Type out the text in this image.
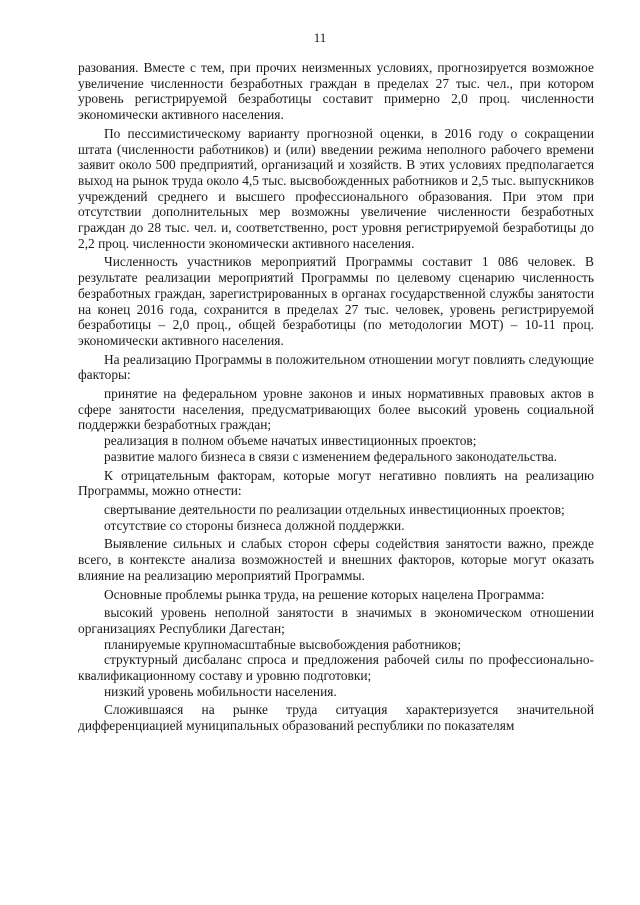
11

разования. Вместе с тем, при прочих неизменных условиях, прогнозируется возможное увеличение численности безработных граждан в пределах 27 тыс. чел., при котором уровень регистрируемой безработицы составит примерно 2,0 проц. численности экономически активного населения.

По пессимистическому варианту прогнозной оценки, в 2016 году о сокращении штата (численности работников) и (или) введении режима неполного рабочего времени заявит около 500 предприятий, организаций и хозяйств. В этих условиях предполагается выход на рынок труда около 4,5 тыс. высвобожденных работников и 2,5 тыс. выпускников учреждений среднего и высшего профессионального образования. При этом при отсутствии дополнительных мер возможны увеличение численности безработных граждан до 28 тыс. чел. и, соответственно, рост уровня регистрируемой безработицы до 2,2 проц. численности экономически активного населения.

Численность участников мероприятий Программы составит 1 086 человек. В результате реализации мероприятий Программы по целевому сценарию численность безработных граждан, зарегистрированных в органах государственной службы занятости на конец 2016 года, сохранится в пределах 27 тыс. человек, уровень регистрируемой безработицы – 2,0 проц., общей безработицы (по методологии МОТ) – 10-11 проц. экономически активного населения.

На реализацию Программы в положительном отношении могут повлиять следующие факторы:

принятие на федеральном уровне законов и иных нормативных правовых актов в сфере занятости населения, предусматривающих более высокий уровень социальной поддержки безработных граждан;

реализация в полном объеме начатых инвестиционных проектов;

развитие малого бизнеса в связи с изменением федерального законодательства.

К отрицательным факторам, которые могут негативно повлиять на реализацию Программы, можно отнести:

свертывание деятельности по реализации отдельных инвестиционных проектов;

отсутствие со стороны бизнеса должной поддержки.

Выявление сильных и слабых сторон сферы содействия занятости важно, прежде всего, в контексте анализа возможностей и внешних факторов, которые могут оказать влияние на реализацию мероприятий Программы.

Основные проблемы рынка труда, на решение которых нацелена Программа:

высокий уровень неполной занятости в значимых в экономическом отношении организациях Республики Дагестан;

планируемые крупномасштабные высвобождения работников;

структурный дисбаланс спроса и предложения рабочей силы по профессионально-квалификационному составу и уровню подготовки;

низкий уровень мобильности населения.

Сложившаяся на рынке труда ситуация характеризуется значительной дифференциацией муниципальных образований республики по показателям
